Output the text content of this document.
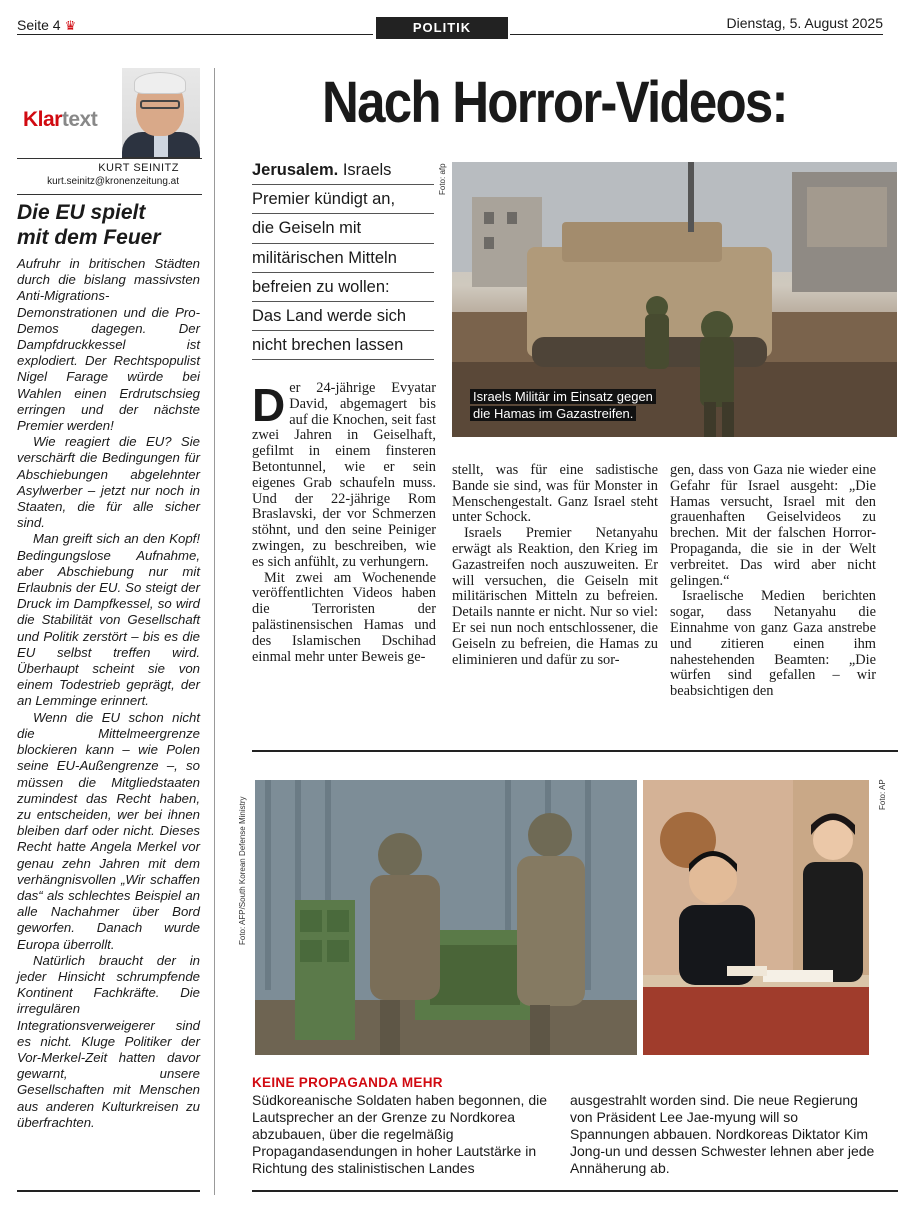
Seite 4 ♛	POLITIK	Dienstag, 5. August 2025
Klartext
KURT SEINITZ
kurt.seinitz@kronenzeitung.at
Die EU spielt
mit dem Feuer

Aufruhr in britischen Städten durch die bislang massivsten Anti-Migrations-Demonstrationen und die Pro-Demos dagegen. Der Dampfdruckkessel ist explodiert. Der Rechtspopulist Nigel Farage würde bei Wahlen einen Erdrutschsieg erringen und der nächste Premier werden!

Wie reagiert die EU? Sie verschärft die Bedingungen für Abschiebungen abgelehnter Asylwerber – jetzt nur noch in Staaten, die für alle sicher sind.

Man greift sich an den Kopf! Bedingungslose Aufnahme, aber Abschiebung nur mit Erlaubnis der EU. So steigt der Druck im Dampfkessel, so wird die Stabilität von Gesellschaft und Politik zerstört – bis es die EU selbst treffen wird. Überhaupt scheint sie von einem Todestrieb geprägt, der an Lemminge erinnert.

Wenn die EU schon nicht die Mittelmeergrenze blockieren kann – wie Polen seine EU-Außengrenze –, so müssen die Mitgliedstaaten zumindest das Recht haben, zu entscheiden, wer bei ihnen bleiben darf oder nicht. Dieses Recht hatte Angela Merkel vor genau zehn Jahren mit dem verhängnisvollen „Wir schaffen das“ als schlechtes Beispiel an alle Nachahmer über Bord geworfen. Danach wurde Europa überrollt.

Natürlich braucht der in jeder Hinsicht schrumpfende Kontinent Fachkräfte. Die irregulären Integrationsverweigerer sind es nicht. Kluge Politiker der Vor-Merkel-Zeit hatten davor gewarnt, unsere Gesellschaften mit Menschen aus anderen Kulturkreisen zu überfrachten.

Nach Horror-Videos:
Jerusalem. Israels
Premier kündigt an,
die Geiseln mit
militärischen Mitteln
befreien zu wollen:
Das Land werde sich
nicht brechen lassen
Foto: afp
Israels Militär im Einsatz gegen
die Hamas im Gazastreifen.

Der 24-jährige Evyatar David, abgemagert bis auf die Knochen, seit fast zwei Jahren in Geiselhaft, gefilmt in einem finsteren Betontunnel, wie er sein eigenes Grab schaufeln muss. Und der 22-jährige Rom Braslavski, der vor Schmerzen stöhnt, und den seine Peiniger zwingen, zu beschreiben, wie es sich anfühlt, zu verhungern.

Mit zwei am Wochenende veröffentlichten Videos haben die Terroristen der palästinensischen Hamas und des Islamischen Dschihad einmal mehr unter Beweis ge-

stellt, was für eine sadistische Bande sie sind, was für Monster in Menschengestalt. Ganz Israel steht unter Schock.

Israels Premier Netanyahu erwägt als Reaktion, den Krieg im Gazastreifen noch auszuweiten. Er will versuchen, die Geiseln mit militärischen Mitteln zu befreien. Details nannte er nicht. Nur so viel: Er sei nun noch entschlossener, die Geiseln zu befreien, die Hamas zu eliminieren und dafür zu sor-

gen, dass von Gaza nie wieder eine Gefahr für Israel ausgeht: „Die Hamas versucht, Israel mit den grauenhaften Geiselvideos zu brechen. Mit der falschen Horror-Propaganda, die sie in der Welt verbreitet. Das wird aber nicht gelingen.“

Israelische Medien berichten sogar, dass Netanyahu die Einnahme von ganz Gaza anstrebe und zitieren einen ihm nahestehenden Beamten: „Die würfen sind gefallen – wir beabsichtigen den

Foto: AFP/South Korean Defense Ministry
Foto: AP
KEINE PROPAGANDA MEHR
Südkoreanische Soldaten haben begonnen, die Lautsprecher an der Grenze zu Nordkorea abzubauen, über die regelmäßig Propagandasendungen in hoher Lautstärke in Richtung des stalinistischen Landes
ausgestrahlt worden sind. Die neue Regierung von Präsident Lee Jae-myung will so Spannungen abbauen. Nordkoreas Diktator Kim Jong-un und dessen Schwester lehnen aber jede Annäherung ab.
